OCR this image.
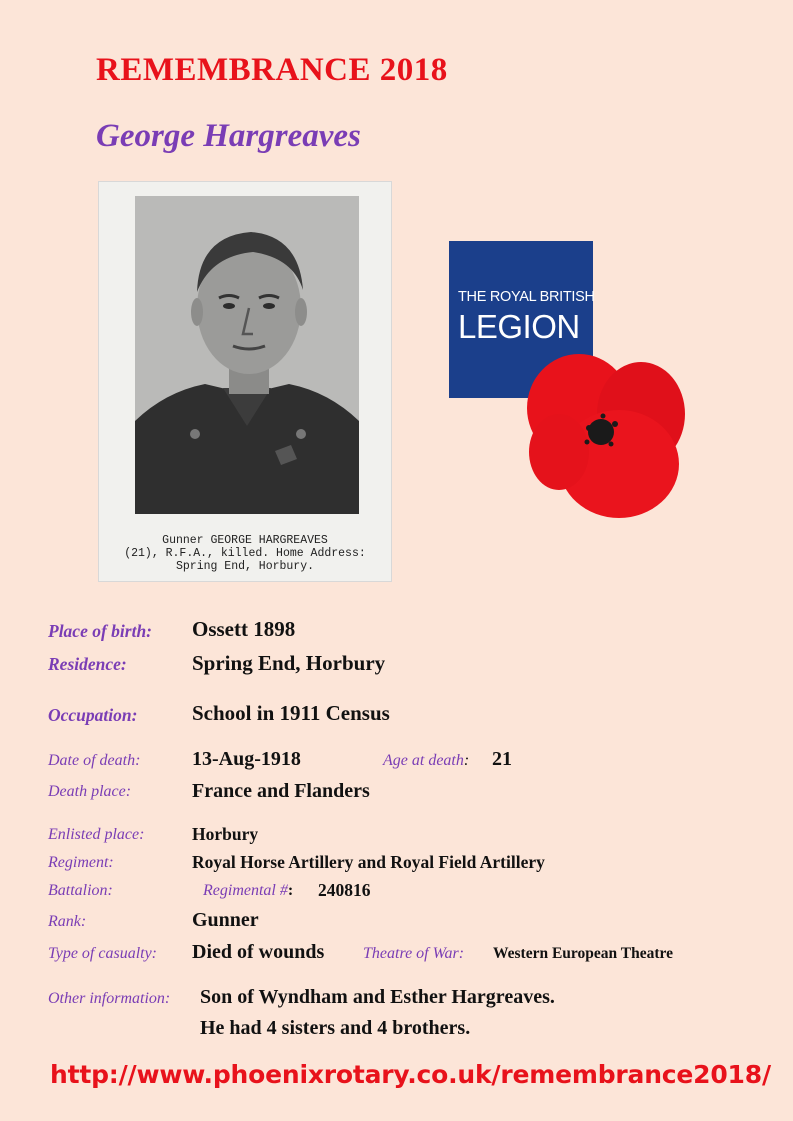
REMEMBRANCE 2018
George Hargreaves
Gunner GEORGE HARGREAVES
(21), R.F.A., killed. Home Address:
Spring End, Horbury.
THE ROYAL BRITISH
LEGION
Place of birth: Ossett 1898
Residence:	Spring End, Horbury
Occupation:	School in 1911 Census
Date of death:	13-Aug-1918	Age at death: 21
Death place:	France and Flanders
Enlisted place:	Horbury
Regiment:	Royal Horse Artillery and Royal Field Artillery
Battalion:	Regimental #: 240816
Rank:	Gunner
Type of casualty: Died of wounds Theatre of War: Western European Theatre
Other information: Son of Wyndham and Esther Hargreaves.
He had 4 sisters and 4 brothers.
http://www.phoenixrotary.co.uk/remembrance2018/
